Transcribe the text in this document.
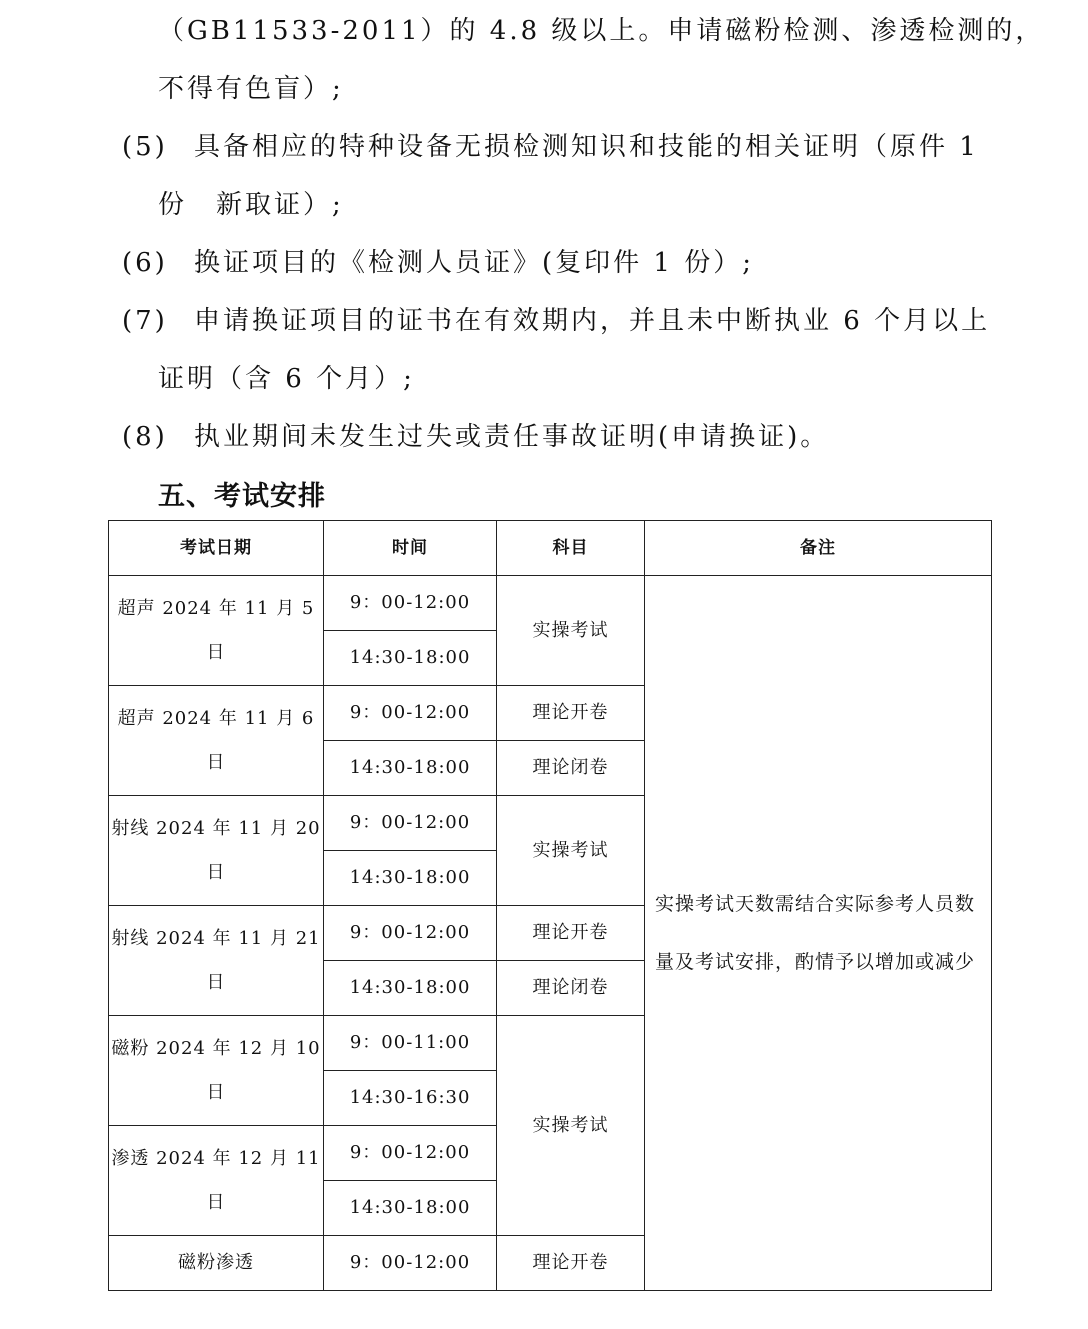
（GB11533-2011）的 4.8 级以上。申请磁粉检测、渗透检测的，
不得有色盲）;
(5) 具备相应的特种设备无损检测知识和技能的相关证明（原件 1
份　新取证）;
(6) 换证项目的《检测人员证》(复印件 1 份）;
(7) 申请换证项目的证书在有效期内，并且未中断执业 6 个月以上
证明（含 6 个月）;
(8) 执业期间未发生过失或责任事故证明(申请换证)。
五、考试安排
考试日期	时间	科目	备注
超声 2024 年 11 月 5 日	9：00-12:00	实操考试	实操考试天数需结合实际参考人员数量及考试安排，酌情予以增加或减少
	14:30-18:00		
超声 2024 年 11 月 6 日	9：00-12:00	理论开卷	
	14:30-18:00	理论闭卷	
射线 2024 年 11 月 20 日	9：00-12:00	实操考试	
	14:30-18:00		
射线 2024 年 11 月 21 日	9：00-12:00	理论开卷	
	14:30-18:00	理论闭卷	
磁粉 2024 年 12 月 10 日	9：00-11:00	实操考试	
	14:30-16:30		
渗透 2024 年 12 月 11 日	9：00-12:00		
	14:30-18:00		
磁粉渗透	9：00-12:00	理论开卷	
